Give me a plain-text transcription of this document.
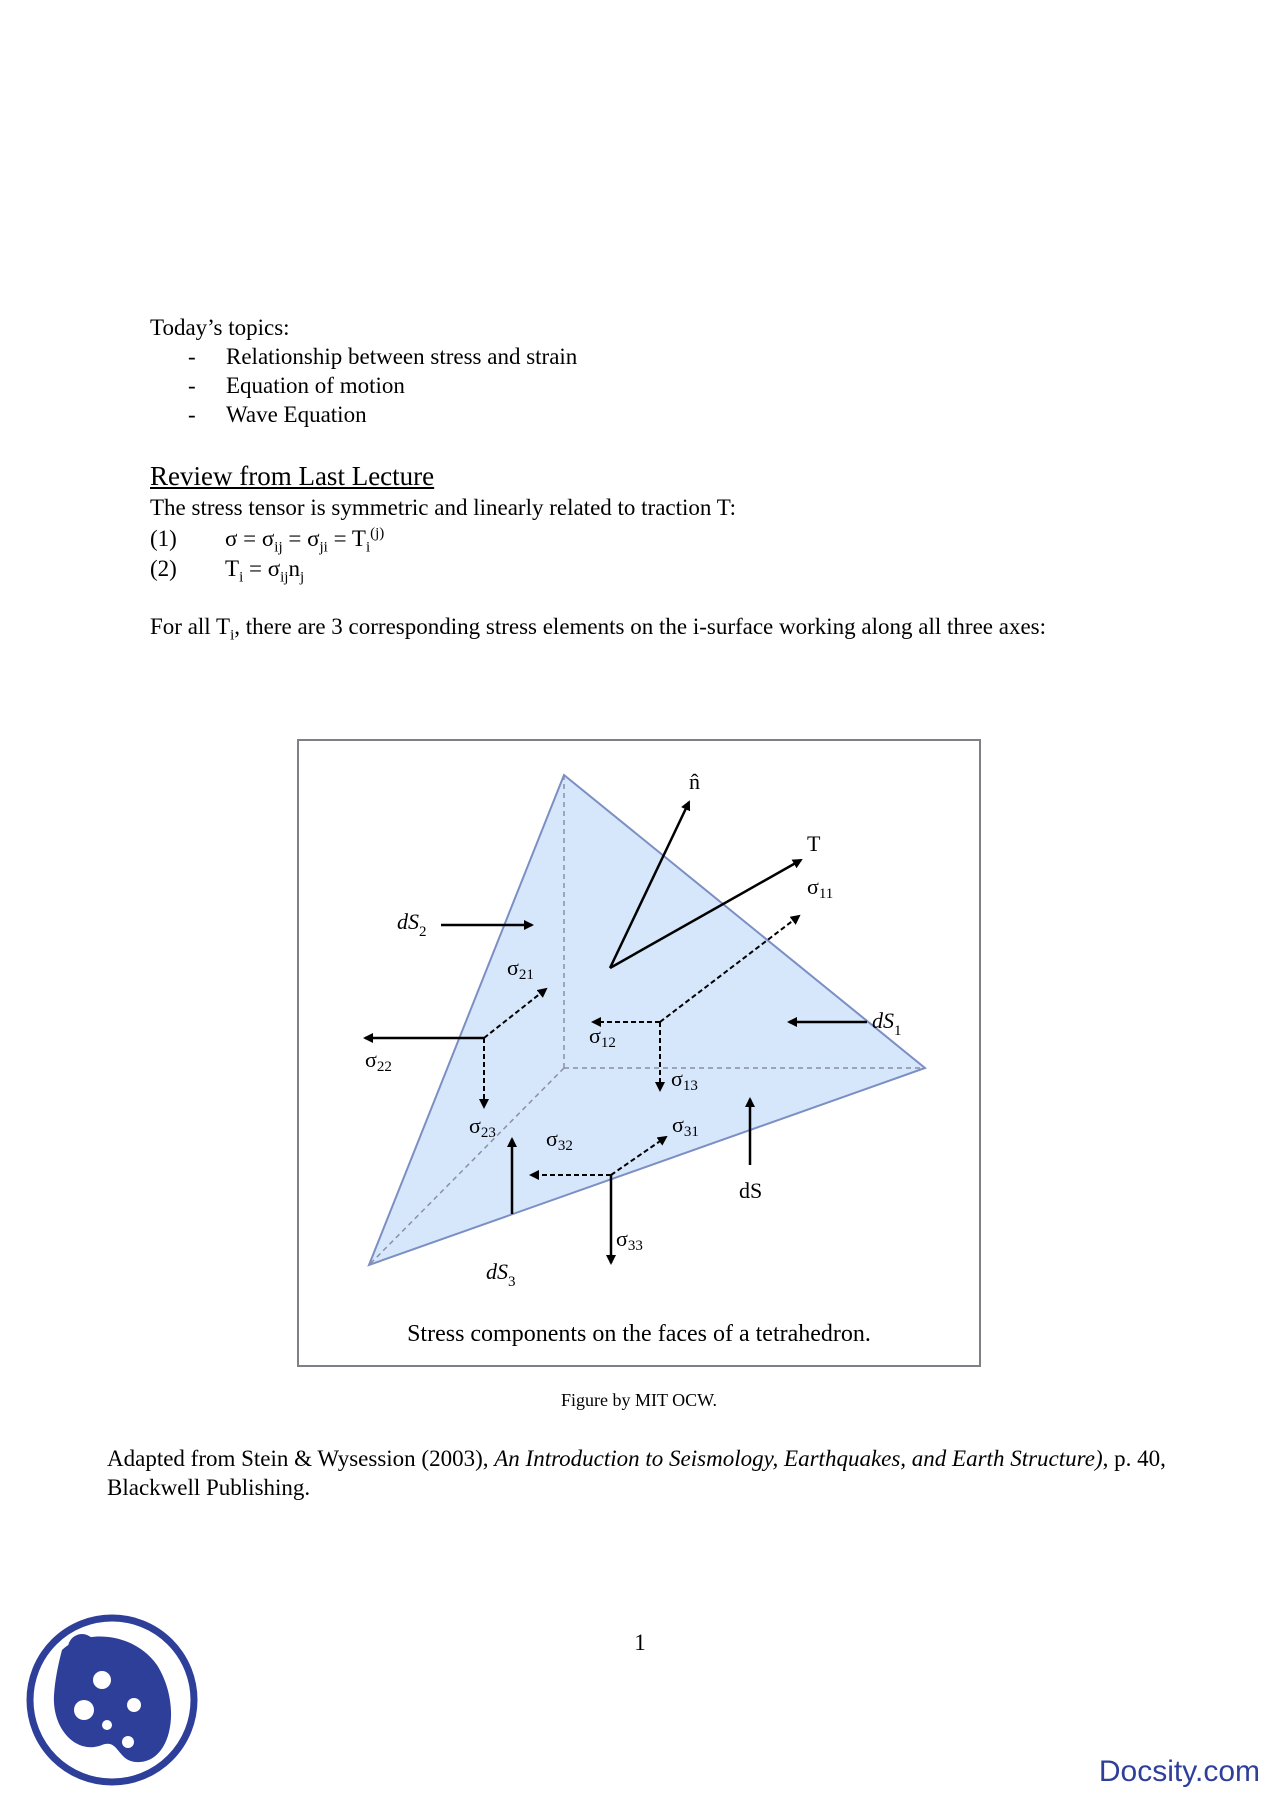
Today’s topics:
- Relationship between stress and strain
- Equation of motion
- Wave Equation
Review from Last Lecture
The stress tensor is symmetric and linearly related to traction T:
(1) $\sigma = \sigma_{ij} = \sigma_{ji} = T_i^{(j)}$
(2) $T_i = \sigma_{ij}n_j$
For all $T_i$, there are 3 corresponding stress elements on the i-surface working along all three axes:
n̂
T
σ11
$dS_2$
σ21
$dS_1$
σ12
σ22	σ13
σ23	σ31
σ32
dS
σ33
$dS_3$
Stress components on the faces of a tetrahedron.
Figure by MIT OCW.
Adapted from Stein & Wysession (2003), An Introduction to Seismology, Earthquakes, and Earth Structure), p. 40, Blackwell Publishing.
1
Docsity.com
